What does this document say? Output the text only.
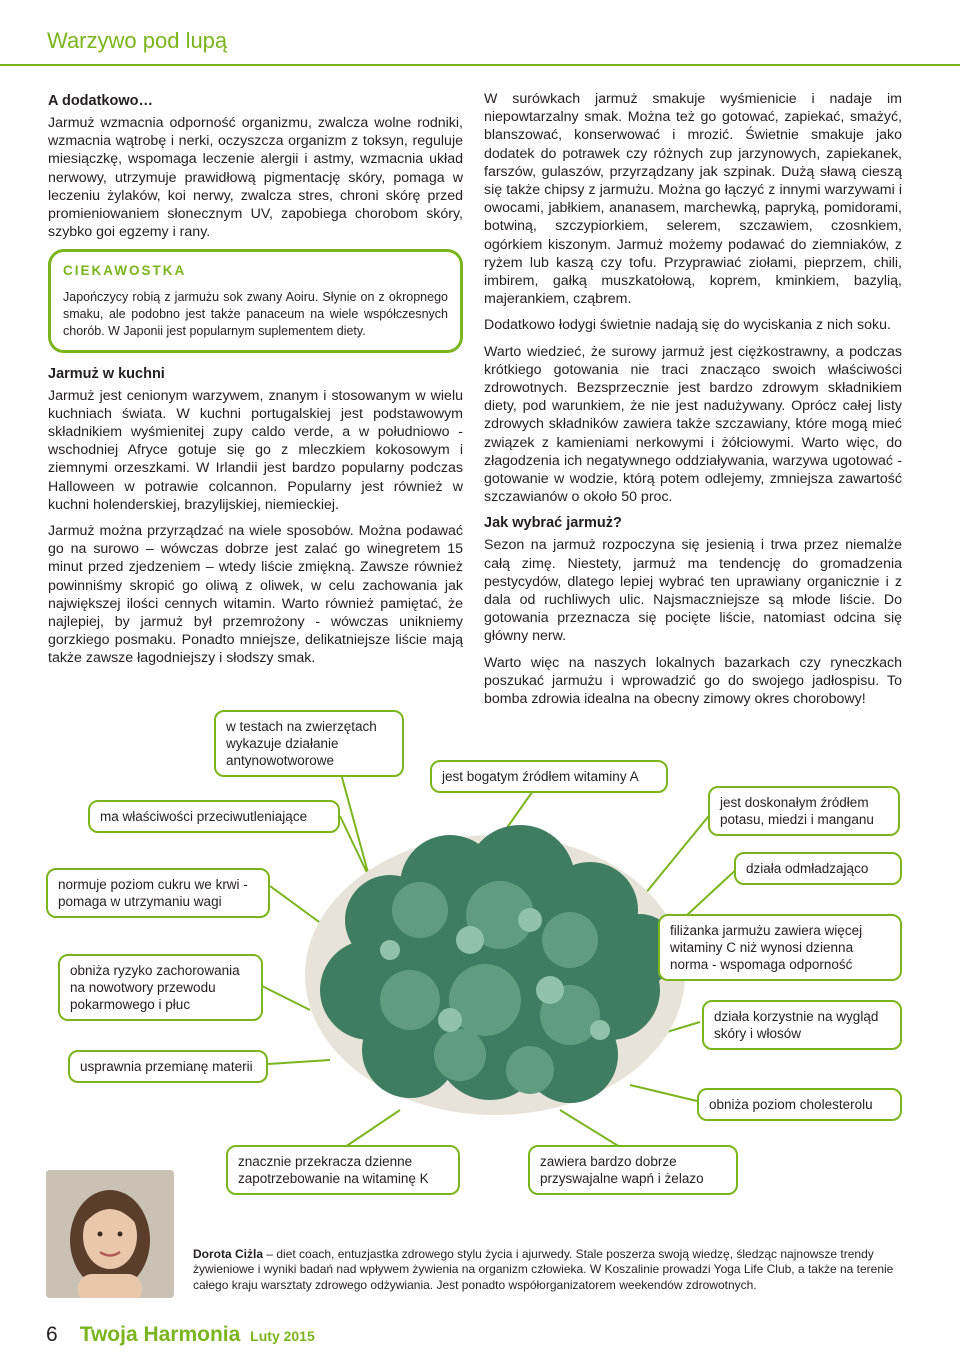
Warzywo pod lupą
A dodatkowo…

Jarmuż wzmacnia odporność organizmu, zwalcza wolne rodniki, wzmacnia wątrobę i nerki, oczyszcza organizm z toksyn, reguluje miesiączkę, wspomaga leczenie alergii i astmy, wzmacnia układ nerwowy, utrzymuje prawidłową pigmentację skóry, pomaga w leczeniu żylaków, koi nerwy, zwalcza stres, chroni skórę przed promieniowaniem słonecznym UV, zapobiega chorobom skóry, szybko goi egzemy i rany.

CIEKAWOSTKA
Japończycy robią z jarmużu sok zwany Aoiru. Słynie on z okropnego smaku, ale podobno jest także panaceum na wiele współczesnych chorób. W Japonii jest popularnym suplementem diety.
Jarmuż w kuchni

Jarmuż jest cenionym warzywem, znanym i stosowanym w wielu kuchniach świata. W kuchni portugalskiej jest podstawowym składnikiem wyśmienitej zupy caldo verde, a w południowo - wschodniej Afryce gotuje się go z mleczkiem kokosowym i ziemnymi orzeszkami. W Irlandii jest bardzo popularny podczas Halloween w potrawie colcannon. Popularny jest również w kuchni holenderskiej, brazylijskiej, niemieckiej.

Jarmuż można przyrządzać na wiele sposobów. Można podawać go na surowo – wówczas dobrze jest zalać go winegretem 15 minut przed zjedzeniem – wtedy liście zmiękną. Zawsze również powinniśmy skropić go oliwą z oliwek, w celu zachowania jak największej ilości cennych witamin. Warto również pamiętać, że najlepiej, by jarmuż był przemrożony - wówczas unikniemy gorzkiego posmaku. Ponadto mniejsze, delikatniejsze liście mają także zawsze łagodniejszy i słodszy smak.

W surówkach jarmuż smakuje wyśmienicie i nadaje im niepowtarzalny smak. Można też go gotować, zapiekać, smażyć, blanszować, konserwować i mrozić. Świetnie smakuje jako dodatek do potrawek czy różnych zup jarzynowych, zapiekanek, farszów, gulaszów, przyrządzany jak szpinak. Dużą sławą cieszą się także chipsy z jarmużu. Można go łączyć z innymi warzywami i owocami, jabłkiem, ananasem, marchewką, papryką, pomidorami, botwiną, szczypiorkiem, selerem, szczawiem, czosnkiem, ogórkiem kiszonym. Jarmuż możemy podawać do ziemniaków, z ryżem lub kaszą czy tofu. Przyprawiać ziołami, pieprzem, chili, imbirem, gałką muszkatołową, koprem, kminkiem, bazylią, majerankiem, cząbrem.

Dodatkowo łodygi świetnie nadają się do wyciskania z nich soku.

Warto wiedzieć, że surowy jarmuż jest ciężkostrawny, a podczas krótkiego gotowania nie traci znacząco swoich właściwości zdrowotnych. Bezsprzecznie jest bardzo zdrowym składnikiem diety, pod warunkiem, że nie jest nadużywany. Oprócz całej listy zdrowych składników zawiera także szczawiany, które mogą mieć związek z kamieniami nerkowymi i żółciowymi. Warto więc, do złagodzenia ich negatywnego oddziaływania, warzywa ugotować - gotowanie w wodzie, którą potem odlejemy, zmniejsza zawartość szczawianów o około 50 proc.

Jak wybrać jarmuż?

Sezon na jarmuż rozpoczyna się jesienią i trwa przez niemalże całą zimę. Niestety, jarmuż ma tendencję do gromadzenia pestycydów, dlatego lepiej wybrać ten uprawiany organicznie i z dala od ruchliwych ulic. Najsmaczniejsze są młode liście. Do gotowania przeznacza się pocięte liście, natomiast odcina się główny nerw.

Warto więc na naszych lokalnych bazarkach czy ryneczkach poszukać jarmużu i wprowadzić go do swojego jadłospisu. To bomba zdrowia idealna na obecny zimowy okres chorobowy!

w testach na zwierzętach wykazuje działanie antynowotworowe
jest bogatym źródłem witaminy A
ma właściwości przeciwutleniające
jest doskonałym źródłem potasu, miedzi i manganu
normuje poziom cukru we krwi - pomaga w utrzymaniu wagi
działa odmładzająco
filiżanka jarmużu zawiera więcej witaminy C niż wynosi dzienna norma - wspomaga odporność
obniża ryzyko zachorowania na nowotwory przewodu pokarmowego i płuc
działa korzystnie na wygląd skóry i włosów
usprawnia przemianę materii
obniża poziom cholesterolu
znacznie przekracza dzienne zapotrzebowanie na witaminę K
zawiera bardzo dobrze przyswajalne wapń i żelazo
Dorota Ciżla – diet coach, entuzjastka zdrowego stylu życia i ajurwedy. Stale poszerza swoją wiedzę, śledząc najnowsze trendy żywieniowe i wyniki badań nad wpływem żywienia na organizm człowieka. W Koszalinie prowadzi Yoga Life Club, a także na terenie całego kraju warsztaty zdrowego odżywiania. Jest ponadto współorganizatorem weekendów zdrowotnych.
6 Twoja Harmonia Luty 2015
